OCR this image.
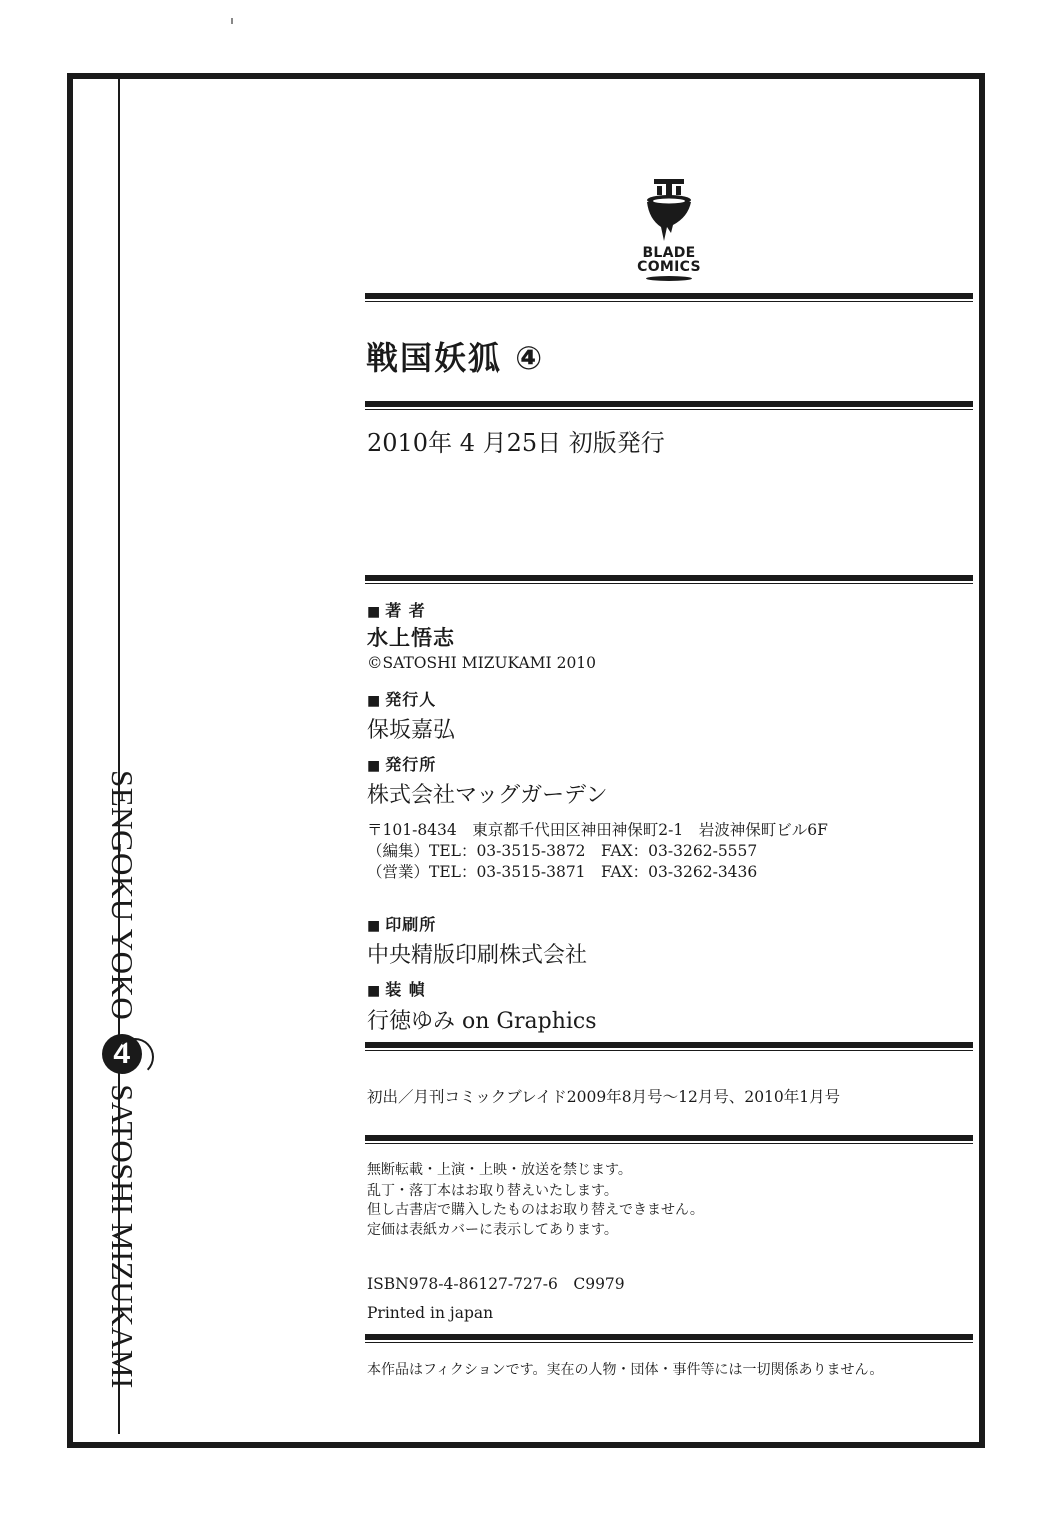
SENGOKU YOKO
4
SATOSHI MIZUKAMI
BLADE
COMICS
戦国妖狐 ④
2010年 4 月25日 初版発行
■ 著 者
水上悟志
©SATOSHI MIZUKAMI 2010
■ 発行人
保坂嘉弘
■ 発行所
株式会社マッグガーデン
〒101-8434　東京都千代田区神田神保町2-1　岩波神保町ビル6F
（編集）TEL：03-3515-3872　FAX：03-3262-5557
（営業）TEL：03-3515-3871　FAX：03-3262-3436
■ 印刷所
中央精版印刷株式会社
■ 装 幀
行徳ゆみ on Graphics
初出／月刊コミックブレイド2009年8月号〜12月号、2010年1月号
無断転載・上演・上映・放送を禁じます。
乱丁・落丁本はお取り替えいたします。
但し古書店で購入したものはお取り替えできません。
定価は表紙カバーに表示してあります。
ISBN978-4-86127-727-6　C9979
Printed in japan
本作品はフィクションです。実在の人物・団体・事件等には一切関係ありません。
